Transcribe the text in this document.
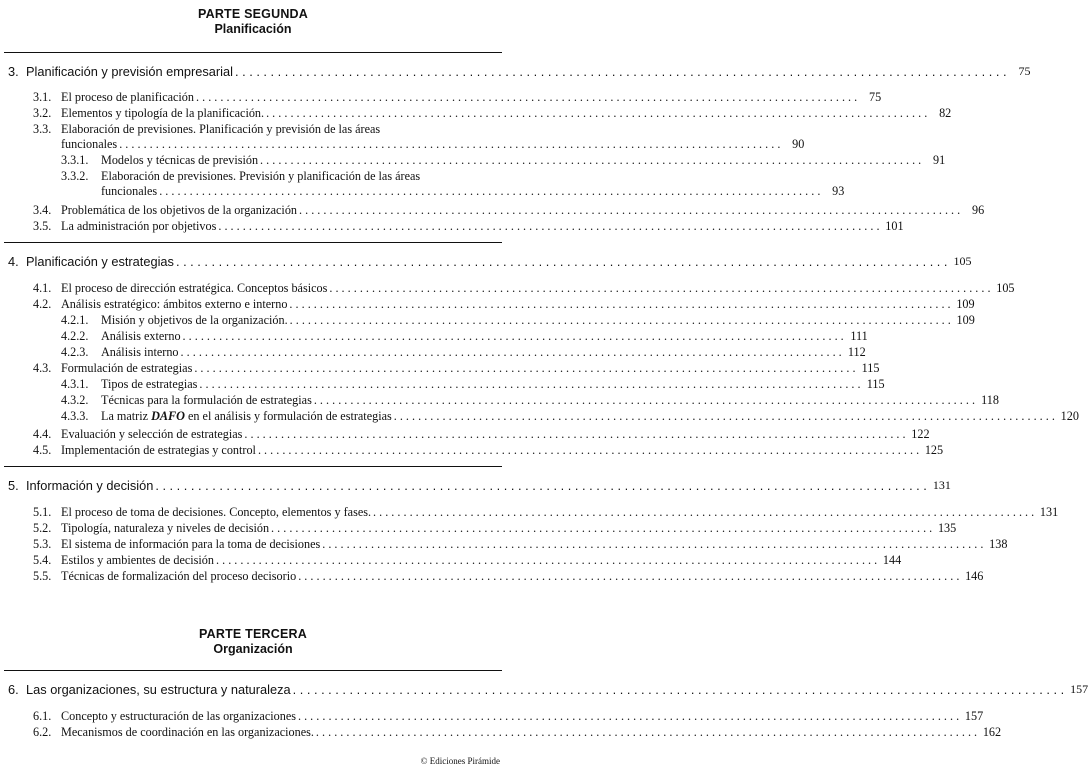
PARTE SEGUNDA
Planificación
3. Planificación y previsión empresarial . . .	75
3.1. El proceso de planificación . . .	75
3.2. Elementos y tipología de la planificación. . . .	82
3.3. Elaboración de previsiones. Planificación y previsión de las áreas
funcionales . . .	90
3.3.1.	Modelos y técnicas de previsión . . .	91
3.3.2. Elaboración de previsiones. Previsión y planificación de las áreas
funcionales . . .	93
3.4. Problemática de los objetivos de la organización . . .	96
3.5. La administración por objetivos . . .	101
4. Planificación y estrategias . . .	105
4.1. El proceso de dirección estratégica. Conceptos básicos . . .	105
4.2. Análisis estratégico: ámbitos externo e interno . . .	109
4.2.1.	Misión y objetivos de la organización. . . .	109
4.2.2.	Análisis externo . . .	111
4.2.3.	Análisis interno . . .	112
4.3. Formulación de estrategias . . .	115
4.3.1.	Tipos de estrategias . . .	115
4.3.2.	Técnicas para la formulación de estrategias . . .	118
4.3.3.	La matriz DAFO en el análisis y formulación de estrategias . . .	120
4.4. Evaluación y selección de estrategias . . .	122
4.5. Implementación de estrategias y control . . .	125
5. Información y decisión . . .	131
5.1. El proceso de toma de decisiones. Concepto, elementos y fases. . . .	131
5.2. Tipología, naturaleza y niveles de decisión . . .	135
5.3. El sistema de información para la toma de decisiones . . .	138
5.4. Estilos y ambientes de decisión . . .	144
5.5. Técnicas de formalización del proceso decisorio . . .	146
PARTE TERCERA
Organización
6. Las organizaciones, su estructura y naturaleza . . .	157
6.1. Concepto y estructuración de las organizaciones . . .	157
6.2. Mecanismos de coordinación en las organizaciones. . . .	162
© Ediciones Pirámide
